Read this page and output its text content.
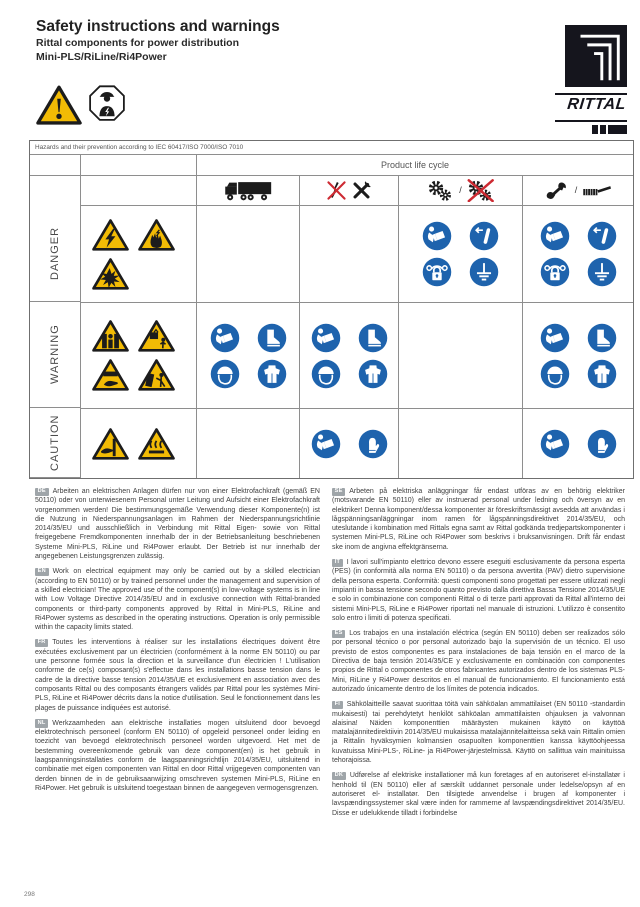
Safety instructions and warnings
Rittal components for power distribution
Mini-PLS/RiLine/Ri4Power
RITTAL
Hazards and their prevention according to IEC 60417/ISO 7000/ISO 7010
Product life cycle
/	/
DANGER
WARNING
CAUTION

DE Arbeiten an elektrischen Anlagen dürfen nur von einer Elektrofachkraft (gemäß EN 50110) oder von unterwiesenem Personal unter Leitung und Aufsicht einer Elektrofachkraft vorgenommen werden! Die bestimmungsgemäße Verwendung dieser Komponente(n) ist die Nutzung in Niederspannungsanlagen im Rahmen der Niederspannungsrichtlinie 2014/35/EU und ausschließlich in Verbindung mit Rittal Eigen- sowie von Rittal freigegebene Fremdkomponenten innerhalb der in der Betriebsanleitung beschriebenen Systeme Mini-PLS, RiLine und Ri4Power erlaubt. Der Betrieb ist nur innerhalb der angegebenen Leistungsgrenzen zulässig.

EN Work on electrical equipment may only be carried out by a skilled electrician (according to EN 50110) or by trained personnel under the management and supervision of a skilled electrician! The approved use of the component(s) in low-voltage systems is in line with Low Voltage Directive 2014/35/EU and in exclusive connection with Rittal-branded components or third-party components approved by Rittal in Mini-PLS, RiLine and Ri4Power systems as described in the operating instructions. Operation is only permissible within the capacity limits stated.

FR Toutes les interventions à réaliser sur les installations électriques doivent être exécutées exclusivement par un électricien (conformément à la norme EN 50110) ou par une personne formée sous la direction et la surveillance d'un électricien ! L'utilisation conforme de ce(s) composant(s) s'effectue dans les installations basse tension dans le cadre de la directive basse tension 2014/35/UE et exclusivement en association avec des composants Rittal ou des composants étrangers validés par Rittal pour les systèmes Mini-PLS, RiLine et Ri4Power décrits dans la notice d'utilisation. Seul le fonctionnement dans les plages de puissance indiquées est autorisé.

NL Werkzaamheden aan elektrische installaties mogen uitsluitend door bevoegd elektrotechnisch personeel (conform EN 50110) of opgeleid personeel onder leiding en toezicht van bevoegd elektrotechnisch personeel worden uitgevoerd. Het met de bestemming overeenkomende gebruik van deze component(en) is het gebruik in laagspanningsinstallaties conform de laagspanningsrichtlijn 2014/35/EU, uitsluitend in combinatie met eigen componenten van Rittal en door Rittal vrijgegeven componenten van derden binnen de in de gebruiksaanwijzing omschreven systemen Mini-PLS, RiLine en Ri4Power. Het gebruik is uitsluitend toegestaan binnen de aangegeven vermogensgrenzen.

SE Arbeten på elektriska anläggningar får endast utföras av en behörig elektriker (motsvarande EN 50110) eller av instruerad personal under ledning och översyn av en elektriker! Denna komponent/dessa komponenter är föreskriftsmässigt avsedda att användas i lågspänningsanläggningar inom ramen för lågspänningsdirektivet 2014/35/EU, och uteslutande i kombination med Rittals egna samt av Rittal godkända tredjepartskomponenter i systemen Mini-PLS, RiLine och Ri4Power som beskrivs i bruksanvisningen. Drift får endast ske inom de angivna effektgränserna.

IT I lavori sull'impianto elettrico devono essere eseguiti esclusivamente da persona esperta (PES) (in conformità alla norma EN 50110) o da persona avvertita (PAV) dietro supervisione della persona esperta. Conformità: questi componenti sono progettati per essere utilizzati negli impianti in bassa tensione secondo quanto previsto dalla direttiva Bassa Tensione 2014/35/UE e solo in combinazione con componenti Rittal o di terze parti approvati da Rittal all'interno dei sistemi Mini-PLS, RiLine e Ri4Power riportati nel manuale di istruzioni. L'utilizzo è consentito solo entro i limiti di potenza specificati.

ES Los trabajos en una instalación eléctrica (según EN 50110) deben ser realizados sólo por personal técnico o por personal autorizado bajo la supervisión de un técnico. El uso previsto de estos componentes es para instalaciones de baja tensión en el marco de la Directiva de baja tensión 2014/35/CE y exclusivamente en combinación con componentes propios de Rittal o componentes de otros fabricantes autorizados dentro de los sistemas PLS-Mini, RiLine y Ri4Power descritos en el manual de funcionamiento. El funcionamiento está autorizado únicamente dentro de los límites de potencia indicados.

FI Sähkölaitteille saavat suorittaa töitä vain sähköalan ammattilaiset (EN 50110 -standardin mukaisesti) tai perehdytetyt henkilöt sähköalan ammattilaisten ohjauksen ja valvonnan alaisina! Näiden komponenttien määräysten mukainen käyttö on käyttöä matalajännitedirektiivin 2014/35/EU mukaisissa matalajännitelaitteissa sekä vain Rittalin omien ja Rittalin hyväksymien kolmansien osapuolten komponenttien kanssa käyttöohjeessa kuvatuissa Mini-PLS-, RiLine- ja Ri4Power-järjestelmissä. Käyttö on sallittua vain mainituissa tehorajoissa.

DK Udførelse af elektriske installationer må kun foretages af en autoriseret el-installatør i henhold til (EN 50110) eller af særskilt uddannet personale under ledelse/opsyn af en autoriseret el- installatør. Den tilsigtede anvendelse i brugen af komponenter i lavspændingssystemer skal være inden for rammerne af lavspændingsdirektivet 2014/35/EU. Disse er udelukkende tilladt i forbindelse

298
